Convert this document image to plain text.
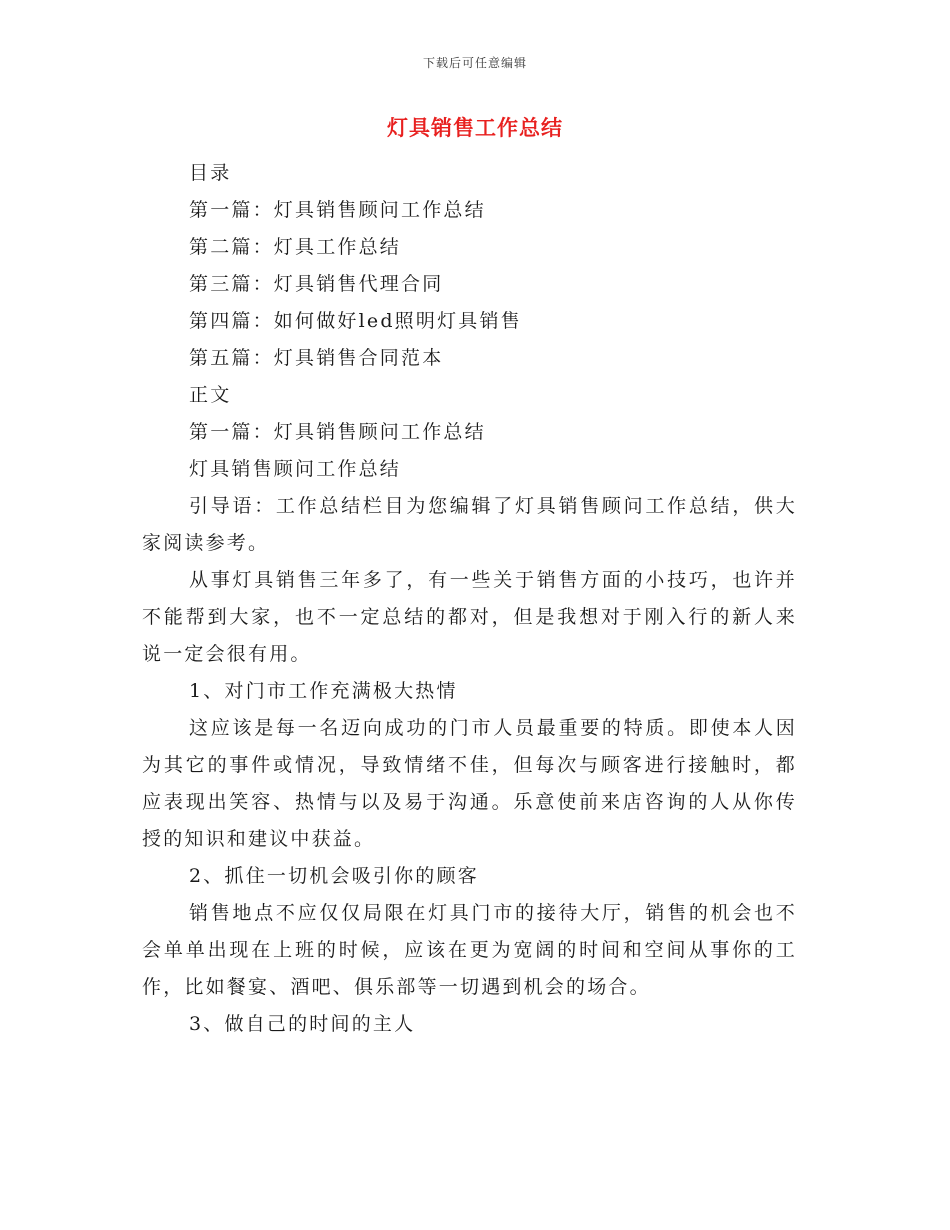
下载后可任意编辑
灯具销售工作总结

目录

第一篇：灯具销售顾问工作总结

第二篇：灯具工作总结

第三篇：灯具销售代理合同

第四篇：如何做好led照明灯具销售

第五篇：灯具销售合同范本

正文

第一篇：灯具销售顾问工作总结

灯具销售顾问工作总结

引导语：工作总结栏目为您编辑了灯具销售顾问工作总结，供大家阅读参考。

从事灯具销售三年多了，有一些关于销售方面的小技巧，也许并不能帮到大家，也不一定总结的都对，但是我想对于刚入行的新人来说一定会很有用。

1、对门市工作充满极大热情

这应该是每一名迈向成功的门市人员最重要的特质。即使本人因为其它的事件或情况，导致情绪不佳，但每次与顾客进行接触时，都应表现出笑容、热情与以及易于沟通。乐意使前来店咨询的人从你传授的知识和建议中获益。

2、抓住一切机会吸引你的顾客

销售地点不应仅仅局限在灯具门市的接待大厅，销售的机会也不会单单出现在上班的时候，应该在更为宽阔的时间和空间从事你的工作，比如餐宴、酒吧、俱乐部等一切遇到机会的场合。

3、做自己的时间的主人
